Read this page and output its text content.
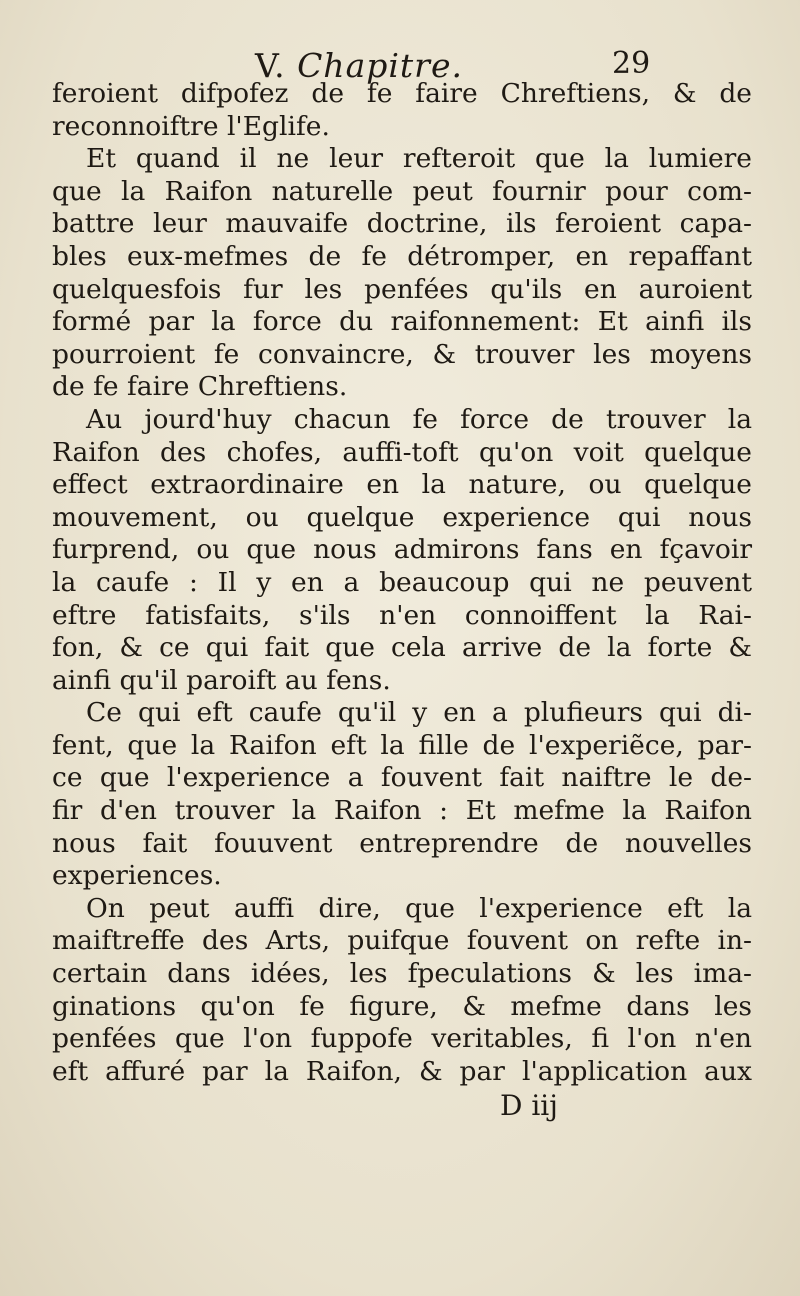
V. Chapitre.	29
feroient difpofez de fe faire Chreftiens, & de
reconnoiftre l'Eglife.
Et quand il ne leur refteroit que la lumiere
que la Raifon naturelle peut fournir pour com-
battre leur mauvaife doctrine, ils feroient capa-
bles eux-mefmes de fe détromper, en repaffant
quelquesfois fur les penfées qu'ils en auroient
formé par la force du raifonnement: Et ainfi ils
pourroient fe convaincre, & trouver les moyens
de fe faire Chreftiens.
Au jourd'huy chacun fe force de trouver la
Raifon des chofes, auffi-toft qu'on voit quelque
effect extraordinaire en la nature, ou quelque
mouvement, ou quelque experience qui nous
furprend, ou que nous admirons fans en fçavoir
la caufe : Il y en a beaucoup qui ne peuvent
eftre fatisfaits, s'ils n'en connoiffent la Rai-
fon, & ce qui fait que cela arrive de la forte &
ainfi qu'il paroift au fens.
Ce qui eft caufe qu'il y en a plufieurs qui di-
fent, que la Raifon eft la fille de l'experiẽce, par-
ce que l'experience a fouvent fait naiftre le de-
fir d'en trouver la Raifon : Et mefme la Raifon
nous fait fouuvent entreprendre de nouvelles
experiences.
On peut auffi dire, que l'experience eft la
maiftreffe des Arts, puifque fouvent on refte in-
certain dans idées, les fpeculations & les ima-
ginations qu'on fe figure, & mefme dans les
penfées que l'on fuppofe veritables, fi l'on n'en
eft affuré par la Raifon, & par l'application aux
D iij
